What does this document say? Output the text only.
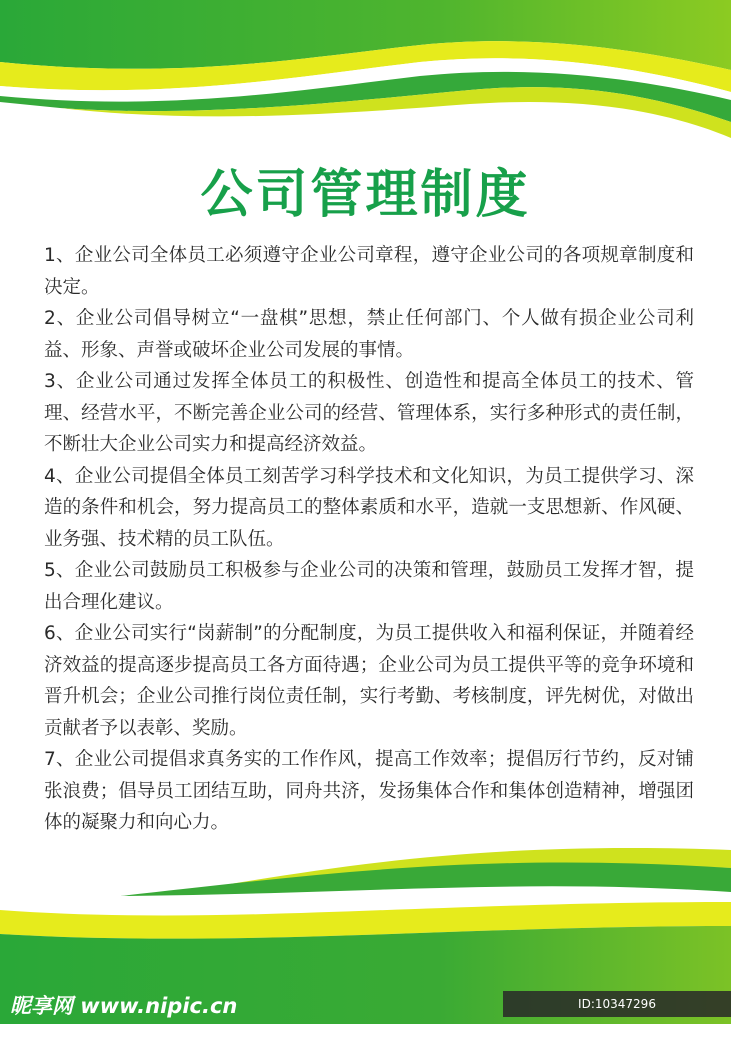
公司管理制度
1、企业公司全体员工必须遵守企业公司章程，遵守企业公司的各项规章制度和决定。
2、企业公司倡导树立“一盘棋”思想，禁止任何部门、个人做有损企业公司利益、形象、声誉或破坏企业公司发展的事情。
3、企业公司通过发挥全体员工的积极性、创造性和提高全体员工的技术、管理、经营水平，不断完善企业公司的经营、管理体系，实行多种形式的责任制，不断壮大企业公司实力和提高经济效益。
4、企业公司提倡全体员工刻苦学习科学技术和文化知识，为员工提供学习、深造的条件和机会，努力提高员工的整体素质和水平，造就一支思想新、作风硬、业务强、技术精的员工队伍。
5、企业公司鼓励员工积极参与企业公司的决策和管理，鼓励员工发挥才智，提出合理化建议。
6、企业公司实行“岗薪制”的分配制度，为员工提供收入和福利保证，并随着经济效益的提高逐步提高员工各方面待遇；企业公司为员工提供平等的竞争环境和晋升机会；企业公司推行岗位责任制，实行考勤、考核制度，评先树优，对做出贡献者予以表彰、奖励。
7、企业公司提倡求真务实的工作作风，提高工作效率；提倡厉行节约，反对铺张浪费；倡导员工团结互助，同舟共济，发扬集体合作和集体创造精神，增强团体的凝聚力和向心力。
昵享网 www.nipic.cn	ID:10347296 NO:20210923153514285121
